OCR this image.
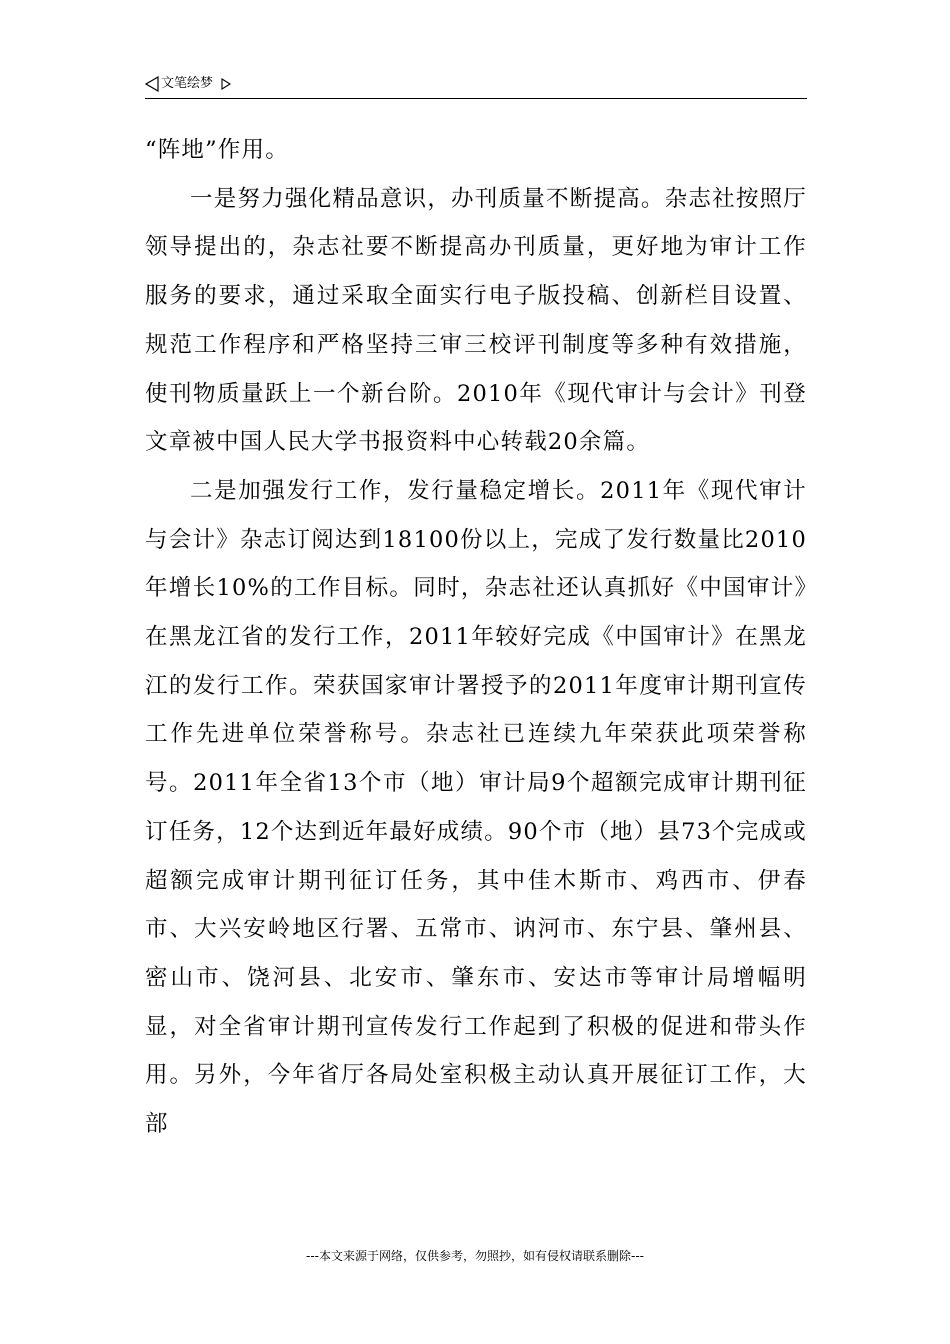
文笔绘梦

“阵地”作用。

一是努力强化精品意识，办刊质量不断提高。杂志社按照厅领导提出的，杂志社要不断提高办刊质量，更好地为审计工作服务的要求，通过采取全面实行电子版投稿、创新栏目设置、规范工作程序和严格坚持三审三校评刊制度等多种有效措施，使刊物质量跃上一个新台阶。2010年《现代审计与会计》刊登文章被中国人民大学书报资料中心转载20余篇。

二是加强发行工作，发行量稳定增长。2011年《现代审计与会计》杂志订阅达到18100份以上，完成了发行数量比2010年增长10%的工作目标。同时，杂志社还认真抓好《中国审计》在黑龙江省的发行工作，2011年较好完成《中国审计》在黑龙江的发行工作。荣获国家审计署授予的2011年度审计期刊宣传工作先进单位荣誉称号。杂志社已连续九年荣获此项荣誉称号。2011年全省13个市（地）审计局9个超额完成审计期刊征订任务，12个达到近年最好成绩。90个市（地）县73个完成或超额完成审计期刊征订任务，其中佳木斯市、鸡西市、伊春市、大兴安岭地区行署、五常市、讷河市、东宁县、肇州县、密山市、饶河县、北安市、肇东市、安达市等审计局增幅明显，对全省审计期刊宣传发行工作起到了积极的促进和带头作用。另外，今年省厅各局处室积极主动认真开展征订工作，大部

---本文来源于网络，仅供参考，勿照抄，如有侵权请联系删除---
